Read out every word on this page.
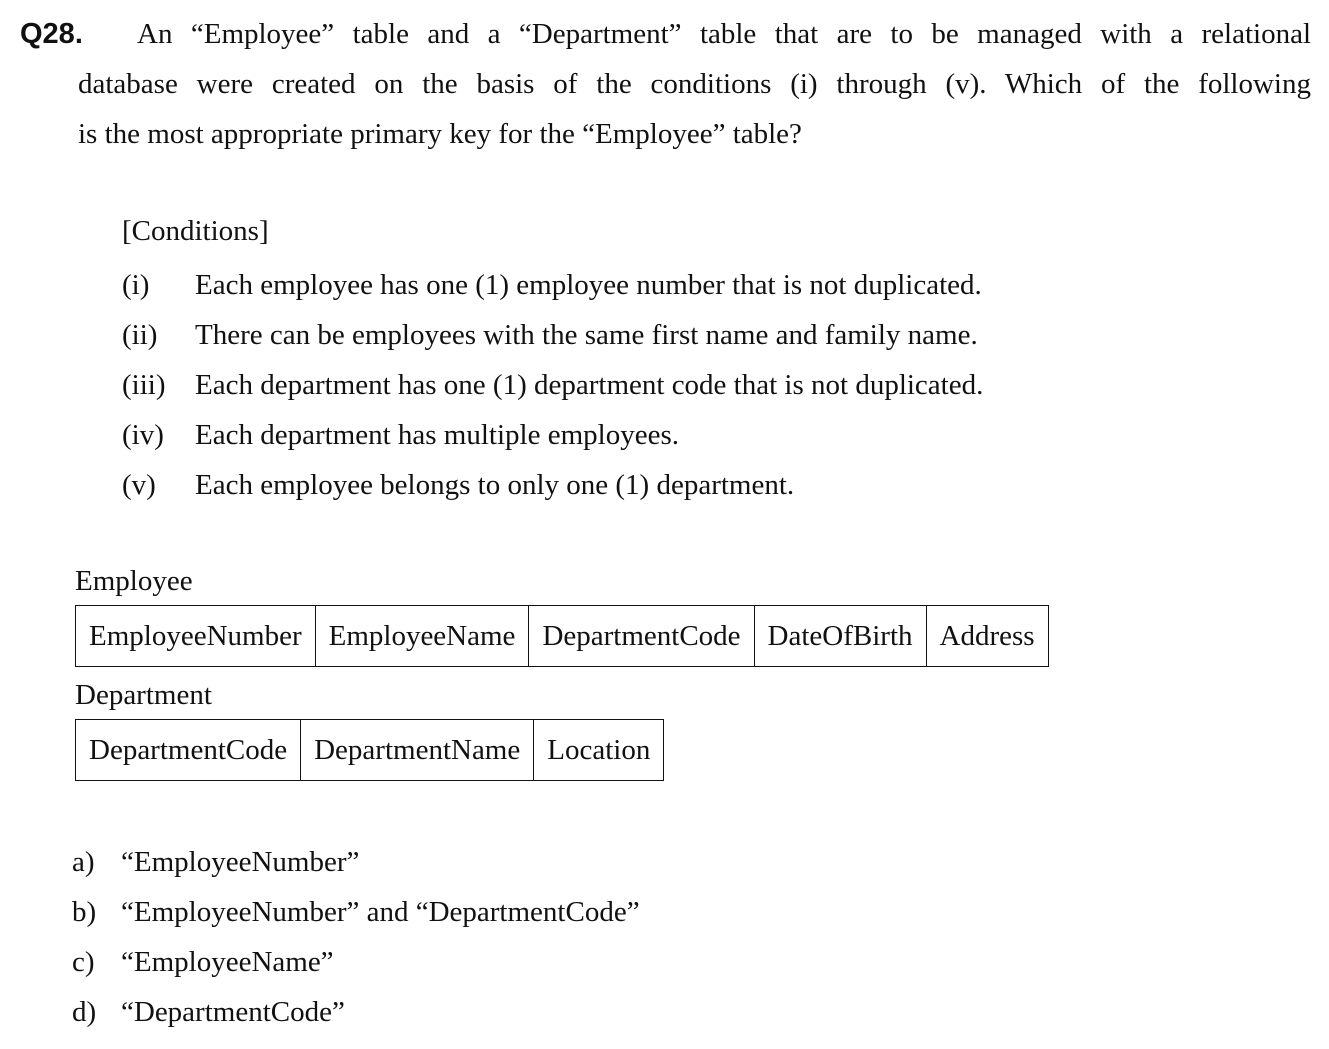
Q28. An “Employee” table and a “Department” table that are to be managed with a relational
database were created on the basis of the conditions (i) through (v). Which of the following
is the most appropriate primary key for the “Employee” table?
[Conditions]
(i) Each employee has one (1) employee number that is not duplicated.
(ii) There can be employees with the same first name and family name.
(iii) Each department has one (1) department code that is not duplicated.
(iv) Each department has multiple employees.
(v) Each employee belongs to only one (1) department.
Employee
EmployeeNumber	EmployeeName	DepartmentCode	DateOfBirth	Address
Department
DepartmentCode	DepartmentName	Location
a) “EmployeeNumber”
b) “EmployeeNumber” and “DepartmentCode”
c) “EmployeeName”
d) “DepartmentCode”
